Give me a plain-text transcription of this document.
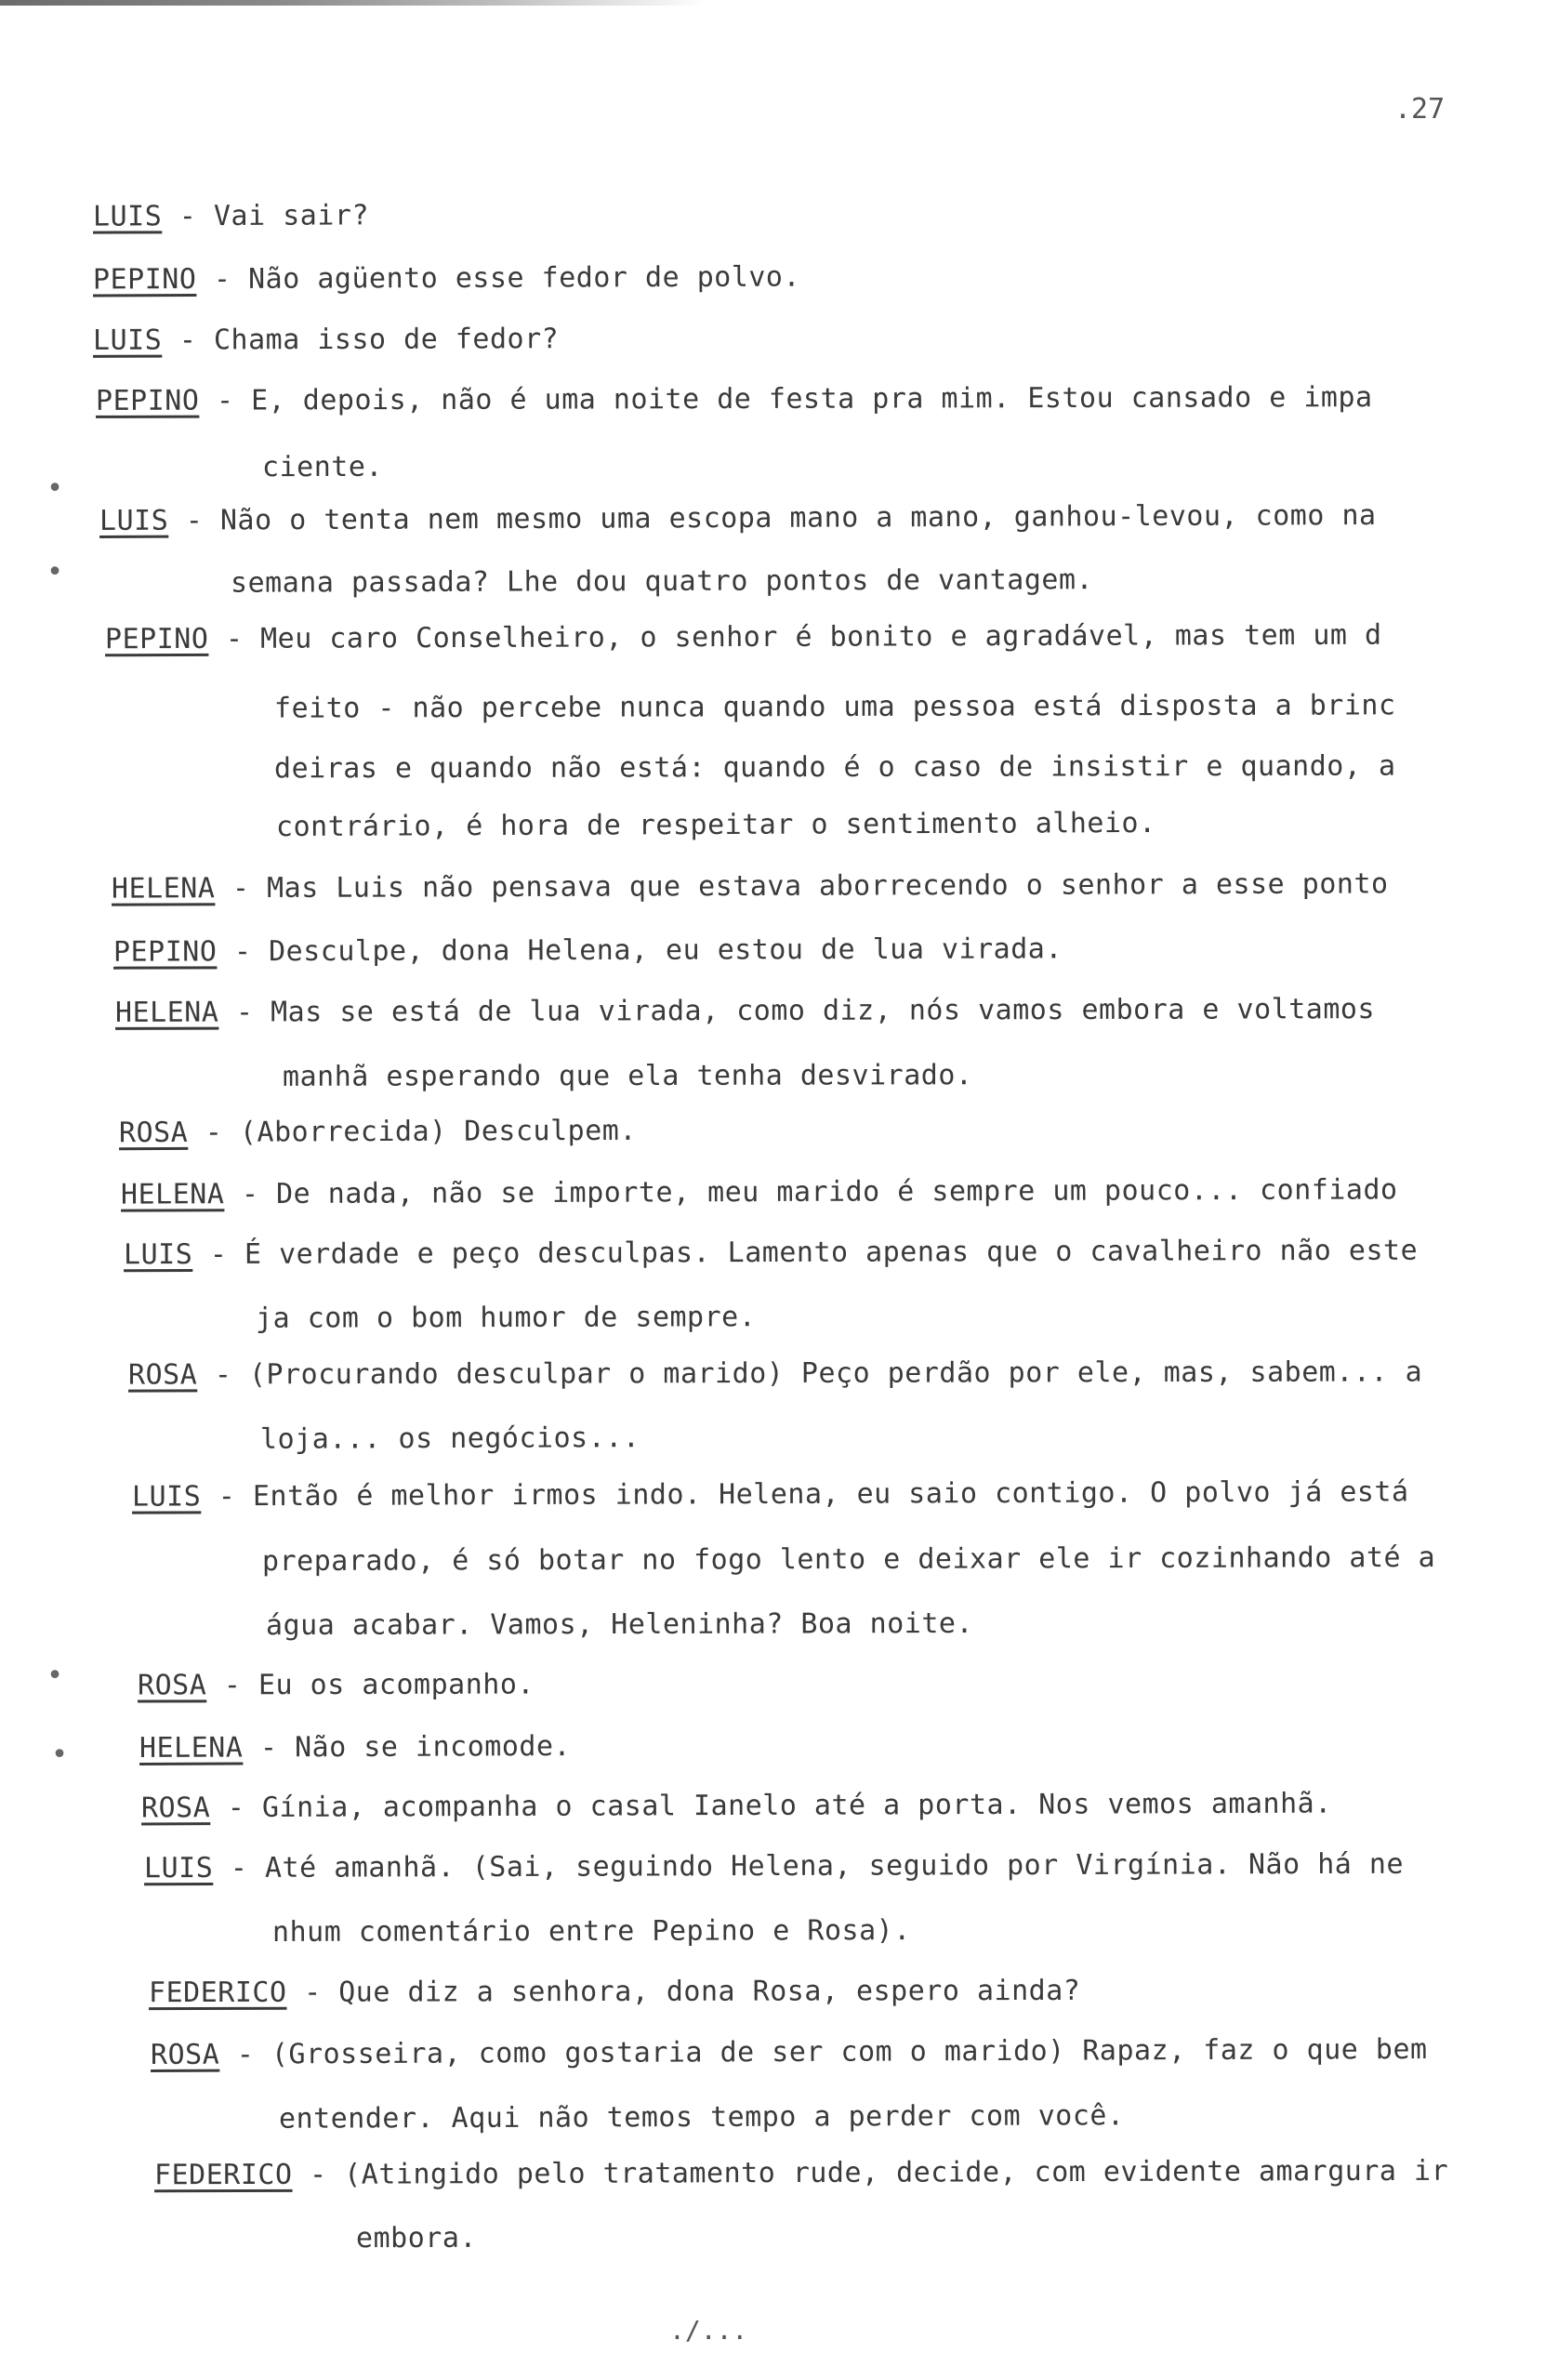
.27
LUIS - Vai sair?
PEPINO - Não agüento esse fedor de polvo.
LUIS - Chama isso de fedor?
PEPINO - E, depois, não é uma noite de festa pra mim. Estou cansado e impa
ciente.
LUIS - Não o tenta nem mesmo uma escopa mano a mano, ganhou-levou, como na
semana passada? Lhe dou quatro pontos de vantagem.
PEPINO - Meu caro Conselheiro, o senhor é bonito e agradável, mas tem um d
feito - não percebe nunca quando uma pessoa está disposta a brinc
deiras e quando não está: quando é o caso de insistir e quando, a
contrário, é hora de respeitar o sentimento alheio.
HELENA - Mas Luis não pensava que estava aborrecendo o senhor a esse ponto
PEPINO - Desculpe, dona Helena, eu estou de lua virada.
HELENA - Mas se está de lua virada, como diz, nós vamos embora e voltamos
manhã esperando que ela tenha desvirado.
ROSA - (Aborrecida) Desculpem.
HELENA - De nada, não se importe, meu marido é sempre um pouco... confiado
LUIS - É verdade e peço desculpas. Lamento apenas que o cavalheiro não este
ja com o bom humor de sempre.
ROSA - (Procurando desculpar o marido) Peço perdão por ele, mas, sabem... a
loja... os negócios...
LUIS - Então é melhor irmos indo. Helena, eu saio contigo. O polvo já está
preparado, é só botar no fogo lento e deixar ele ir cozinhando até a
água acabar. Vamos, Heleninha? Boa noite.
ROSA - Eu os acompanho.
HELENA - Não se incomode.
ROSA - Gínia, acompanha o casal Ianelo até a porta. Nos vemos amanhã.
LUIS - Até amanhã. (Sai, seguindo Helena, seguido por Virgínia. Não há ne
nhum comentário entre Pepino e Rosa).
FEDERICO - Que diz a senhora, dona Rosa, espero ainda?
ROSA - (Grosseira, como gostaria de ser com o marido) Rapaz, faz o que bem
entender. Aqui não temos tempo a perder com você.
FEDERICO - (Atingido pelo tratamento rude, decide, com evidente amargura ir
embora.
•
•
•
•
./...
